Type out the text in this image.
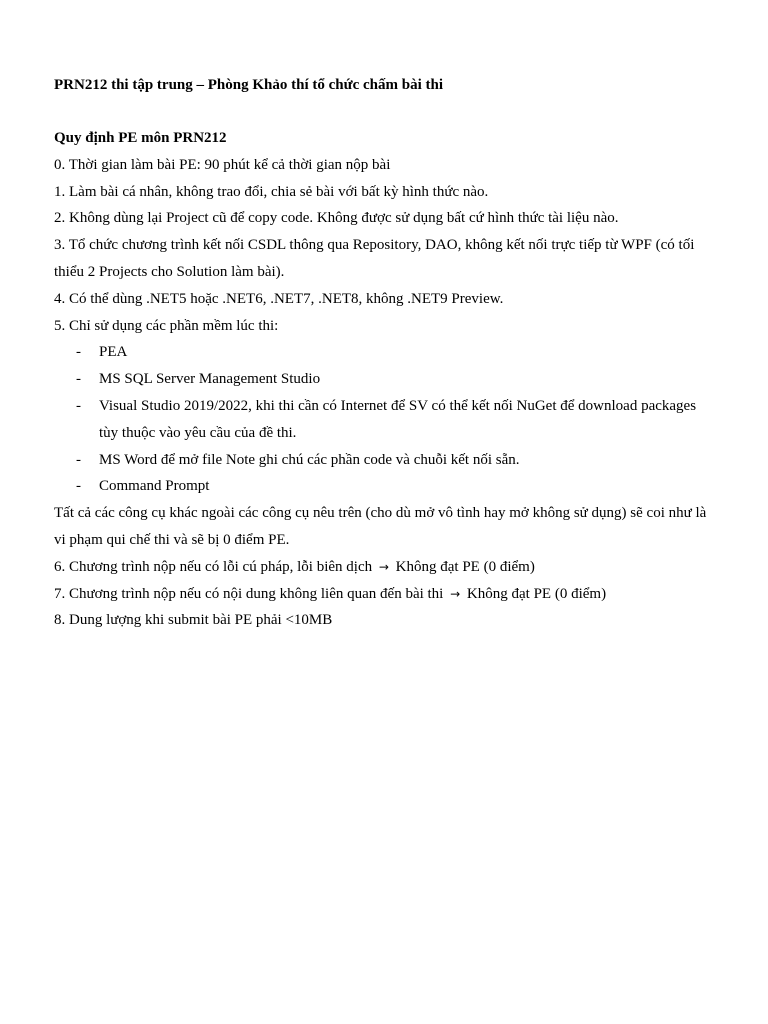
PRN212 thi tập trung – Phòng Khảo thí tổ chức chấm bài thi

Quy định PE môn PRN212

0. Thời gian làm bài PE: 90 phút kể cả thời gian nộp bài

1. Làm bài cá nhân, không trao đổi, chia sẻ bài với bất kỳ hình thức nào.

2. Không dùng lại Project cũ để copy code. Không được sử dụng bất cứ hình thức tài liệu nào.

3. Tổ chức chương trình kết nối CSDL thông qua Repository, DAO, không kết nối trực tiếp từ WPF (có tối thiểu 2 Projects cho Solution làm bài).

4. Có thể dùng .NET5 hoặc .NET6, .NET7, .NET8, không .NET9 Preview.

5. Chỉ sử dụng các phần mềm lúc thi:

- PEA
- MS SQL Server Management Studio
- Visual Studio 2019/2022, khi thi cần có Internet để SV có thể kết nối NuGet để download packages tùy thuộc vào yêu cầu của đề thi.
- MS Word để mở file Note ghi chú các phần code và chuỗi kết nối sẵn.
- Command Prompt

Tất cả các công cụ khác ngoài các công cụ nêu trên (cho dù mở vô tình hay mở không sử dụng) sẽ coi như là vi phạm qui chế thi và sẽ bị 0 điểm PE.

6. Chương trình nộp nếu có lỗi cú pháp, lỗi biên dịch → Không đạt PE (0 điểm)

7. Chương trình nộp nếu có nội dung không liên quan đến bài thi → Không đạt PE (0 điểm)

8. Dung lượng khi submit bài PE phải <10MB
